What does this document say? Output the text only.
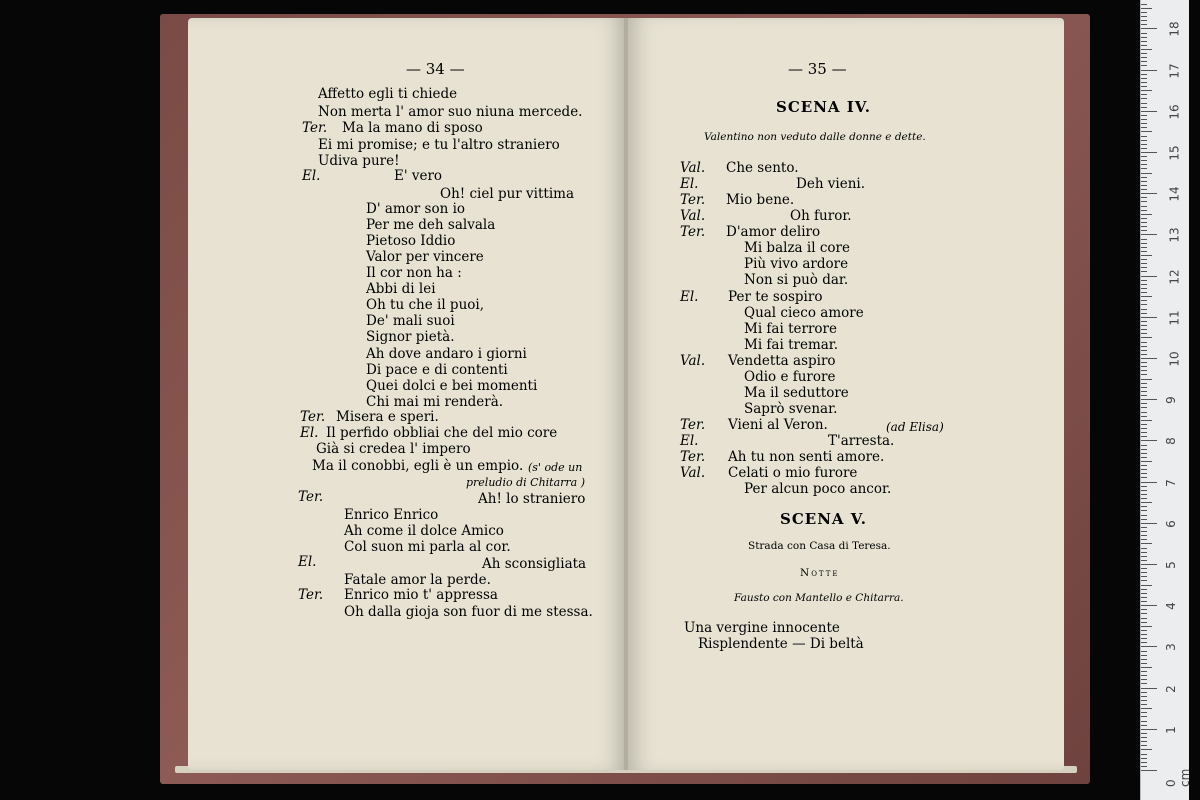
— 34 —
Affetto egli ti chiede
Non merta l' amor suo niuna mercede.
Ter. Ma la mano di sposo
Ei mi promise; e tu l'altro straniero
Udiva pure!
El.	E' vero
Oh! ciel pur vittima
D' amor son io
Per me deh salvala
Pietoso Iddio
Valor per vincere
Il cor non ha :
Abbi di lei
Oh tu che il puoi,
De' mali suoi
Signor pietà.
Ah dove andaro i giorni
Di pace e di contenti
Quei dolci e bei momenti
Chi mai mi renderà.
Ter. Misera e speri.
El. Il perfido obbliai che del mio core
Già si credea l' impero
Ma il conobbi, egli è un empio. (s' ode un
preludio di Chitarra )
Ter.	Ah! lo straniero
Enrico Enrico
Ah come il dolce Amico
Col suon mi parla al cor.
El.	Ah sconsigliata
Fatale amor la perde.
Ter. Enrico mio t' appressa
Oh dalla gioja son fuor di me stessa.
— 35 —
SCENA IV.
Valentino non veduto dalle donne e dette.
Val. Che sento.
El.	Deh vieni.
Ter. Mio bene.
Val.	Oh furor.
Ter. D'amor deliro
Mi balza il core
Più vivo ardore
Non si può dar.
El. Per te sospiro
Qual cieco amore
Mi fai terrore
Mi fai tremar.
Val. Vendetta aspiro
Odio e furore
Ma il seduttore
Saprò svenar.
Ter. Vieni al Veron.	(ad Elisa)
El.	T'arresta.
Ter. Ah tu non senti amore.
Val. Celati o mio furore
Per alcun poco ancor.
SCENA V.
Strada con Casa di Teresa.
Notte
Fausto con Mantello e Chitarra.
Una vergine innocente
Risplendente — Di beltà
0 cm
1
2
3
4
5
6
7
8
9
10
11
12
13
14
15
16
17
18
